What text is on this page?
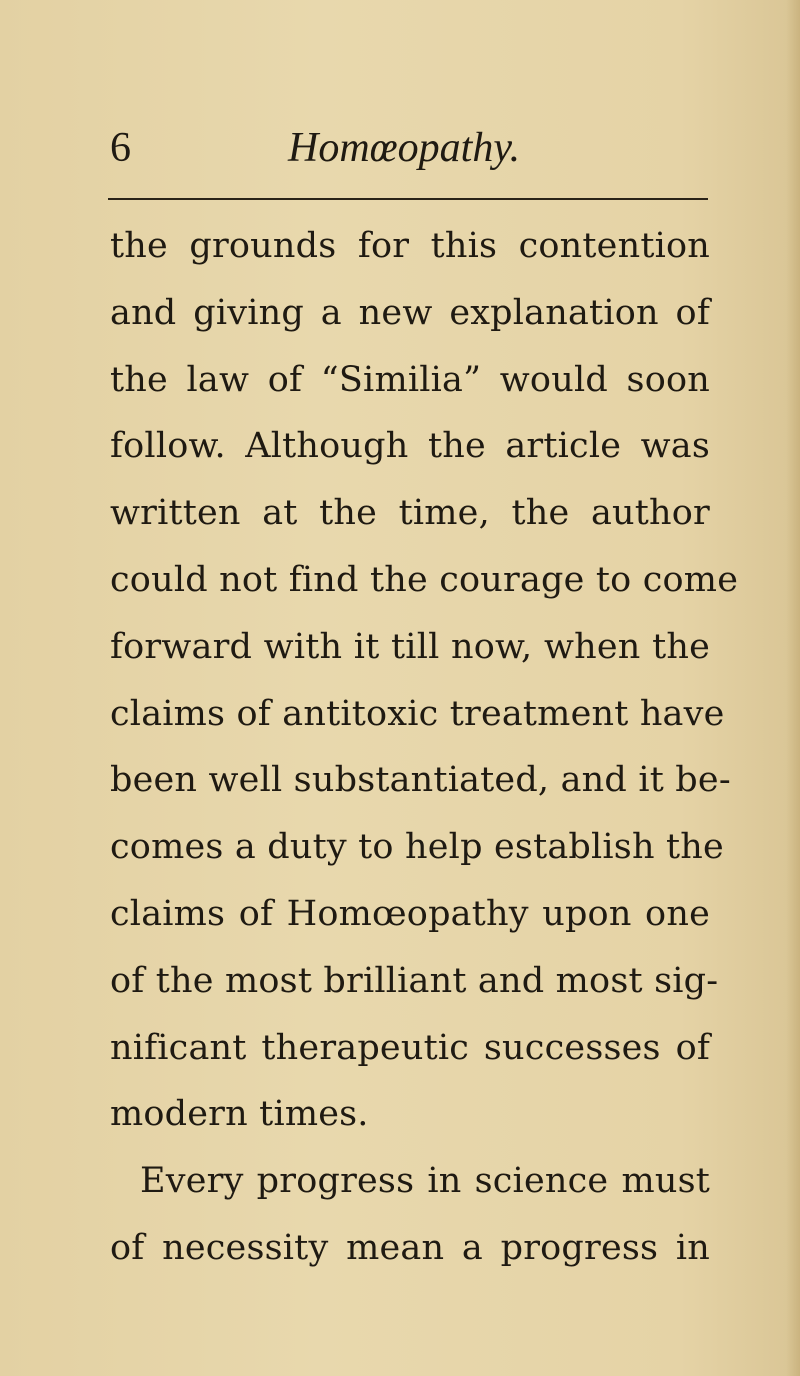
6	Homœopathy.
the grounds for this contention
and giving a new explanation of
the law of “Similia” would soon
follow. Although the article was
written at the time, the author
could not find the courage to come
forward with it till now, when the
claims of antitoxic treatment have
been well substantiated, and it be-
comes a duty to help establish the
claims of Homœopathy upon one
of the most brilliant and most sig-
nificant therapeutic successes of
modern times.
Every progress in science must
of necessity mean a progress in
